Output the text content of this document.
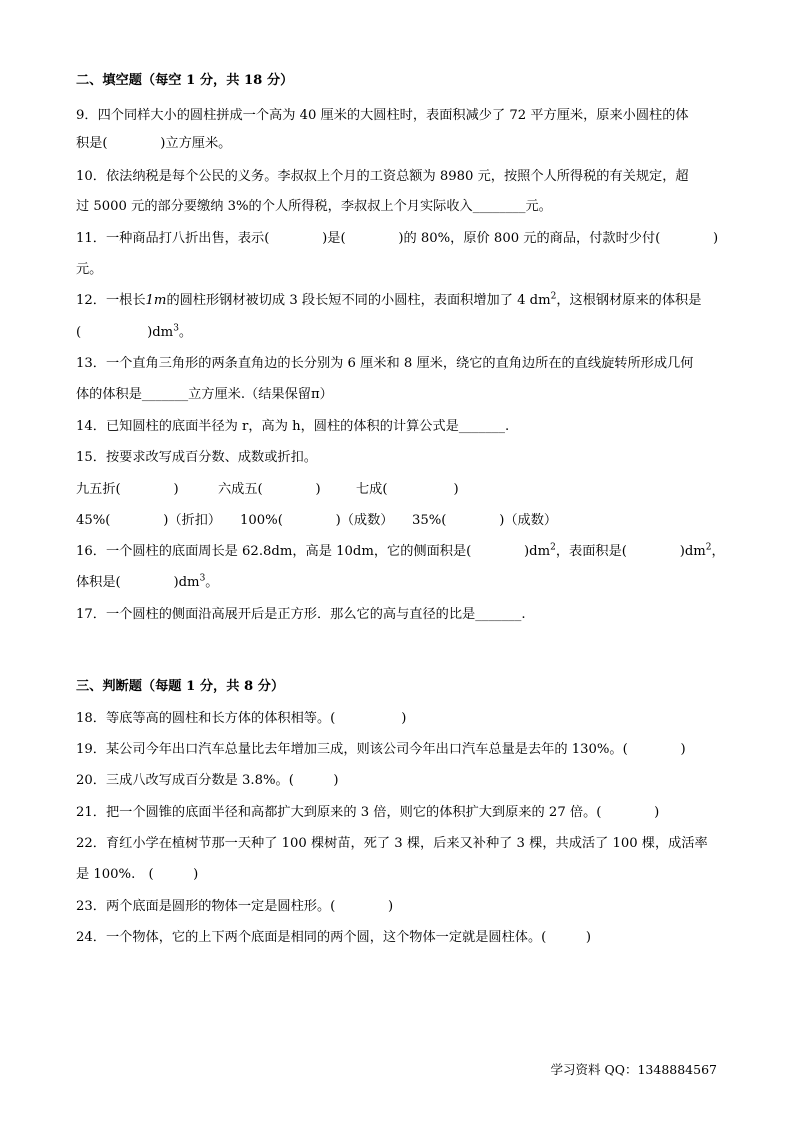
二、填空题（每空 1 分，共 18 分）
9．四个同样大小的圆柱拼成一个高为 40 厘米的大圆柱时，表面积减少了 72 平方厘米，原来小圆柱的体
积是(　　　　)立方厘米。
10．依法纳税是每个公民的义务。李叔叔上个月的工资总额为 8980 元，按照个人所得税的有关规定，超
过 5000 元的部分要缴纳 3%的个人所得税，李叔叔上个月实际收入________元。
11．一种商品打八折出售，表示(　　　　)是(　　　　)的 80%，原价 800 元的商品，付款时少付(　　　　)
元。
12．一根长1m的圆柱形钢材被切成 3 段长短不同的小圆柱，表面积增加了 4 $dm^2$，这根钢材原来的体积是
(　　　　　)$dm^3$。
13．一个直角三角形的两条直角边的长分别为 6 厘米和 8 厘米，绕它的直角边所在的直线旋转所形成几何
体的体积是_______立方厘米.（结果保留π）
14．已知圆柱的底面半径为 r，高为 h，圆柱的体积的计算公式是_______.
15．按要求改写成百分数、成数或折扣。
九五折(　　　　)	六成五(　　　　)	七成(　　　　　)
45%(　　　　)（折扣） 100%(　　　　)（成数） 35%(　　　　)（成数）
16．一个圆柱的底面周长是 62.8dm，高是 10dm，它的侧面积是(　　　　)$dm^2$，表面积是(　　　　)$dm^2$，
体积是(　　　　)$dm^3$。
17．一个圆柱的侧面沿高展开后是正方形．那么它的高与直径的比是_______.
三、判断题（每题 1 分，共 8 分）
18．等底等高的圆柱和长方体的体积相等。(　　　　　)
19．某公司今年出口汽车总量比去年增加三成，则该公司今年出口汽车总量是去年的 130%。(　　　　)
20．三成八改写成百分数是 3.8%。(　　　)
21．把一个圆锥的底面半径和高都扩大到原来的 3 倍，则它的体积扩大到原来的 27 倍。(　　　　)
22．育红小学在植树节那一天种了 100 棵树苗，死了 3 棵，后来又补种了 3 棵，共成活了 100 棵，成活率
是 100%.　(　　　)
23．两个底面是圆形的物体一定是圆柱形。(　　　　)
24．一个物体，它的上下两个底面是相同的两个圆，这个物体一定就是圆柱体。(　　　)
学习资料 QQ：1348884567
